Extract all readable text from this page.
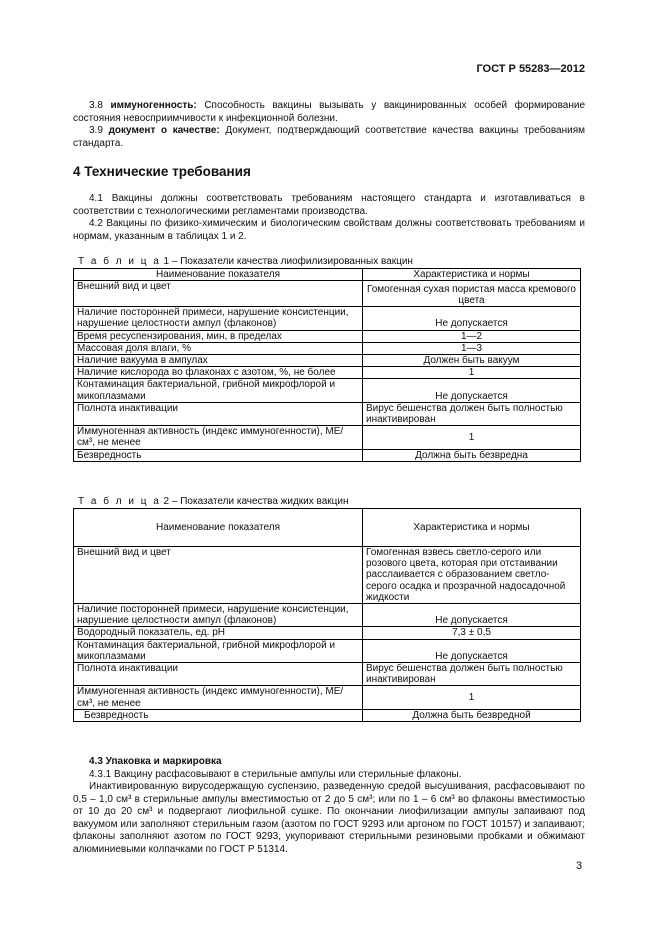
ГОСТ Р 55283—2012

3.8 иммуногенность: Способность вакцины вызывать у вакцинированных особей формирование состояния невосприимчивости к инфекционной болезни.

3.9 документ о качестве: Документ, подтверждающий соответствие качества вакцины требованиям стандарта.

4 Технические требования

4.1 Вакцины должны соответствовать требованиям настоящего стандарта и изготавливаться в соответствии с технологическими регламентами производства.

4.2 Вакцины по физико-химическим и биологическим свойствам должны соответствовать требованиям и нормам, указанным в таблицах 1 и 2.

Т а б л и ц а 1 – Показатели качества лиофилизированных вакцин
Наименование показателя	Характеристика и нормы
Внешний вид и цвет	Гомогенная сухая пористая масса кремового цвета
Наличие посторонней примеси, нарушение консистенции, нарушение целостности ампул (флаконов)	Не допускается
Время ресуспензирования, мин, в пределах	1—2
Массовая доля влаги, %	1—3
Наличие вакуума в ампулах	Должен быть вакуум
Наличие кислорода во флаконах с азотом, %, не более	1
Контаминация бактериальной, грибной микрофлорой и микоплазмами	Не допускается
Полнота инактивации	Вирус бешенства должен быть полностью инактивирован
Иммуногенная активность (индекс иммуногенности), МЕ/см³, не менее	1
Безвредность	Должна быть безвредна
Т а б л и ц а 2 – Показатели качества жидких вакцин
Наименование показателя	Характеристика и нормы
Внешний вид и цвет	Гомогенная взвесь светло-серого или розового цвета, которая при отстаивании расслаивается с образованием светло-серого осадка и прозрачной надосадочной жидкости
Наличие посторонней примеси, нарушение консистенции, нарушение целостности ампул (флаконов)	Не допускается
Водородный показатель, ед. pH	7,3 ± 0,5
Контаминация бактериальной, грибной микрофлорой и микоплазмами	Не допускается
Полнота инактивации	Вирус бешенства должен быть полностью инактивирован
Иммуногенная активность (индекс иммуногенности), МЕ/см³, не менее	1
Безвредность	Должна быть безвредной

4.3 Упаковка и маркировка

4.3.1 Вакцину расфасовывают в стерильные ампулы или стерильные флаконы.

Инактивированную вирусодержащую суспензию, разведенную средой высушивания, расфасовывают по 0,5 – 1,0 см³ в стерильные ампулы вместимостью от 2 до 5 см³; или по 1 – 6 см³ во флаконы вместимостью от 10 до 20 см³ и подвергают лиофильной сушке. По окончании лиофилизации ампулы запаивают под вакуумом или заполняют стерильным газом (азотом по ГОСТ 9293 или аргоном по ГОСТ 10157) и запаивают; флаконы заполняют азотом по ГОСТ 9293, укупоривают стерильными резиновыми пробками и обжимают алюминиевыми колпачками по ГОСТ Р 51314.

3
